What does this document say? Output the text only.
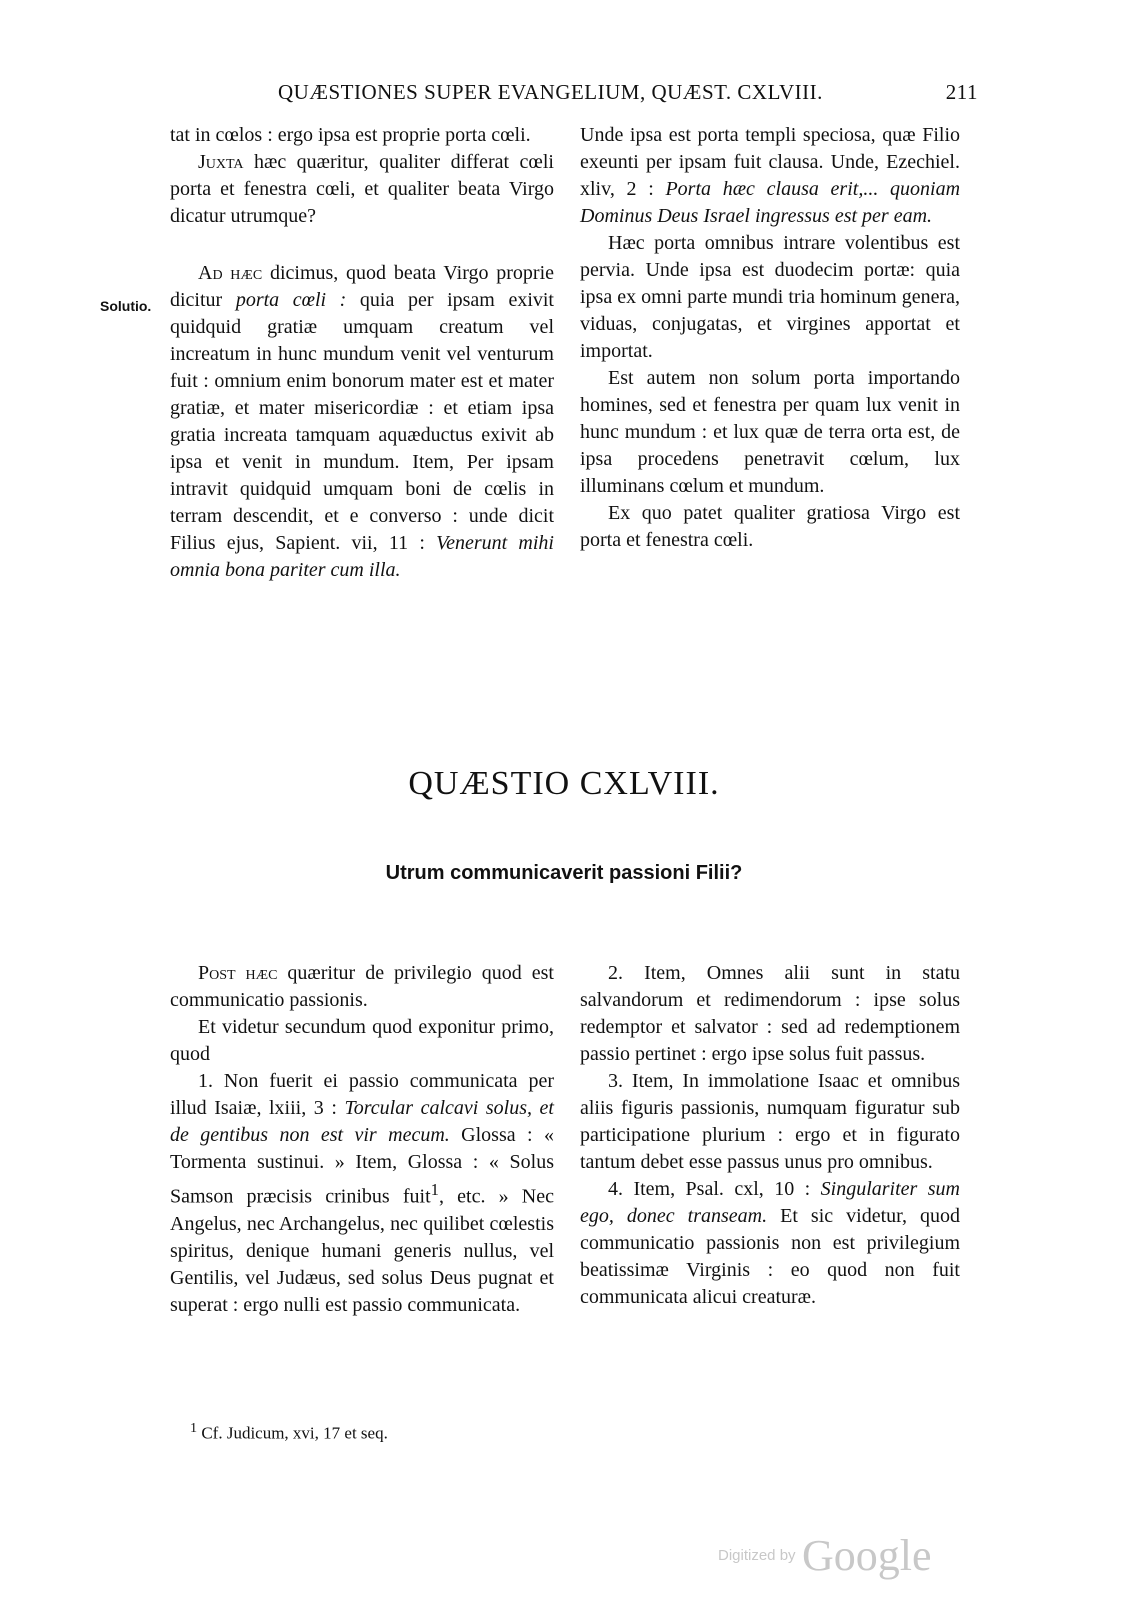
QUÆSTIONES SUPER EVANGELIUM, QUÆST. CXLVIII.	211
Solutio.

tat in cœlos : ergo ipsa est proprie porta cœli.

Juxta hæc quæritur, qualiter differat cœli porta et fenestra cœli, et qualiter beata Virgo dicatur utrumque?

Ad hæc dicimus, quod beata Virgo proprie dicitur porta cœli : quia per ipsam exivit quidquid gratiæ umquam creatum vel increatum in hunc mundum venit vel venturum fuit : omnium enim bonorum mater est et mater gratiæ, et mater misericordiæ : et etiam ipsa gratia increata tamquam aquæductus exivit ab ipsa et venit in mundum. Item, Per ipsam intravit quidquid umquam boni de cœlis in terram descendit, et e converso : unde dicit Filius ejus, Sapient. vii, 11 : Venerunt mihi omnia bona pariter cum illa.

Unde ipsa est porta templi speciosa, quæ Filio exeunti per ipsam fuit clausa. Unde, Ezechiel. xliv, 2 : Porta hæc clausa erit,... quoniam Dominus Deus Israel ingressus est per eam.

Hæc porta omnibus intrare volentibus est pervia. Unde ipsa est duodecim portæ: quia ipsa ex omni parte mundi tria hominum genera, viduas, conjugatas, et virgines apportat et importat.

Est autem non solum porta importando homines, sed et fenestra per quam lux venit in hunc mundum : et lux quæ de terra orta est, de ipsa procedens penetravit cœlum, lux illuminans cœlum et mundum.

Ex quo patet qualiter gratiosa Virgo est porta et fenestra cœli.

QUÆSTIO CXLVIII.
Utrum communicaverit passioni Filii?

Post hæc quæritur de privilegio quod est communicatio passionis.

Et videtur secundum quod exponitur primo, quod

1. Non fuerit ei passio communicata per illud Isaiæ, lxiii, 3 : Torcular calcavi solus, et de gentibus non est vir mecum. Glossa : « Tormenta sustinui. » Item, Glossa : « Solus Samson præcisis crinibus fuit$^1$, etc. » Nec Angelus, nec Archangelus, nec quilibet cœlestis spiritus, denique humani generis nullus, vel Gentilis, vel Judæus, sed solus Deus pugnat et superat : ergo nulli est passio communicata.

2. Item, Omnes alii sunt in statu salvandorum et redimendorum : ipse solus redemptor et salvator : sed ad redemptionem passio pertinet : ergo ipse solus fuit passus.

3. Item, In immolatione Isaac et omnibus aliis figuris passionis, numquam figuratur sub participatione plurium : ergo et in figurato tantum debet esse passus unus pro omnibus.

4. Item, Psal. cxl, 10 : Singulariter sum ego, donec transeam. Et sic videtur, quod communicatio passionis non est privilegium beatissimæ Virginis : eo quod non fuit communicata alicui creaturæ.

$^1$ Cf. Judicum, xvi, 17 et seq.
Digitized by Google
